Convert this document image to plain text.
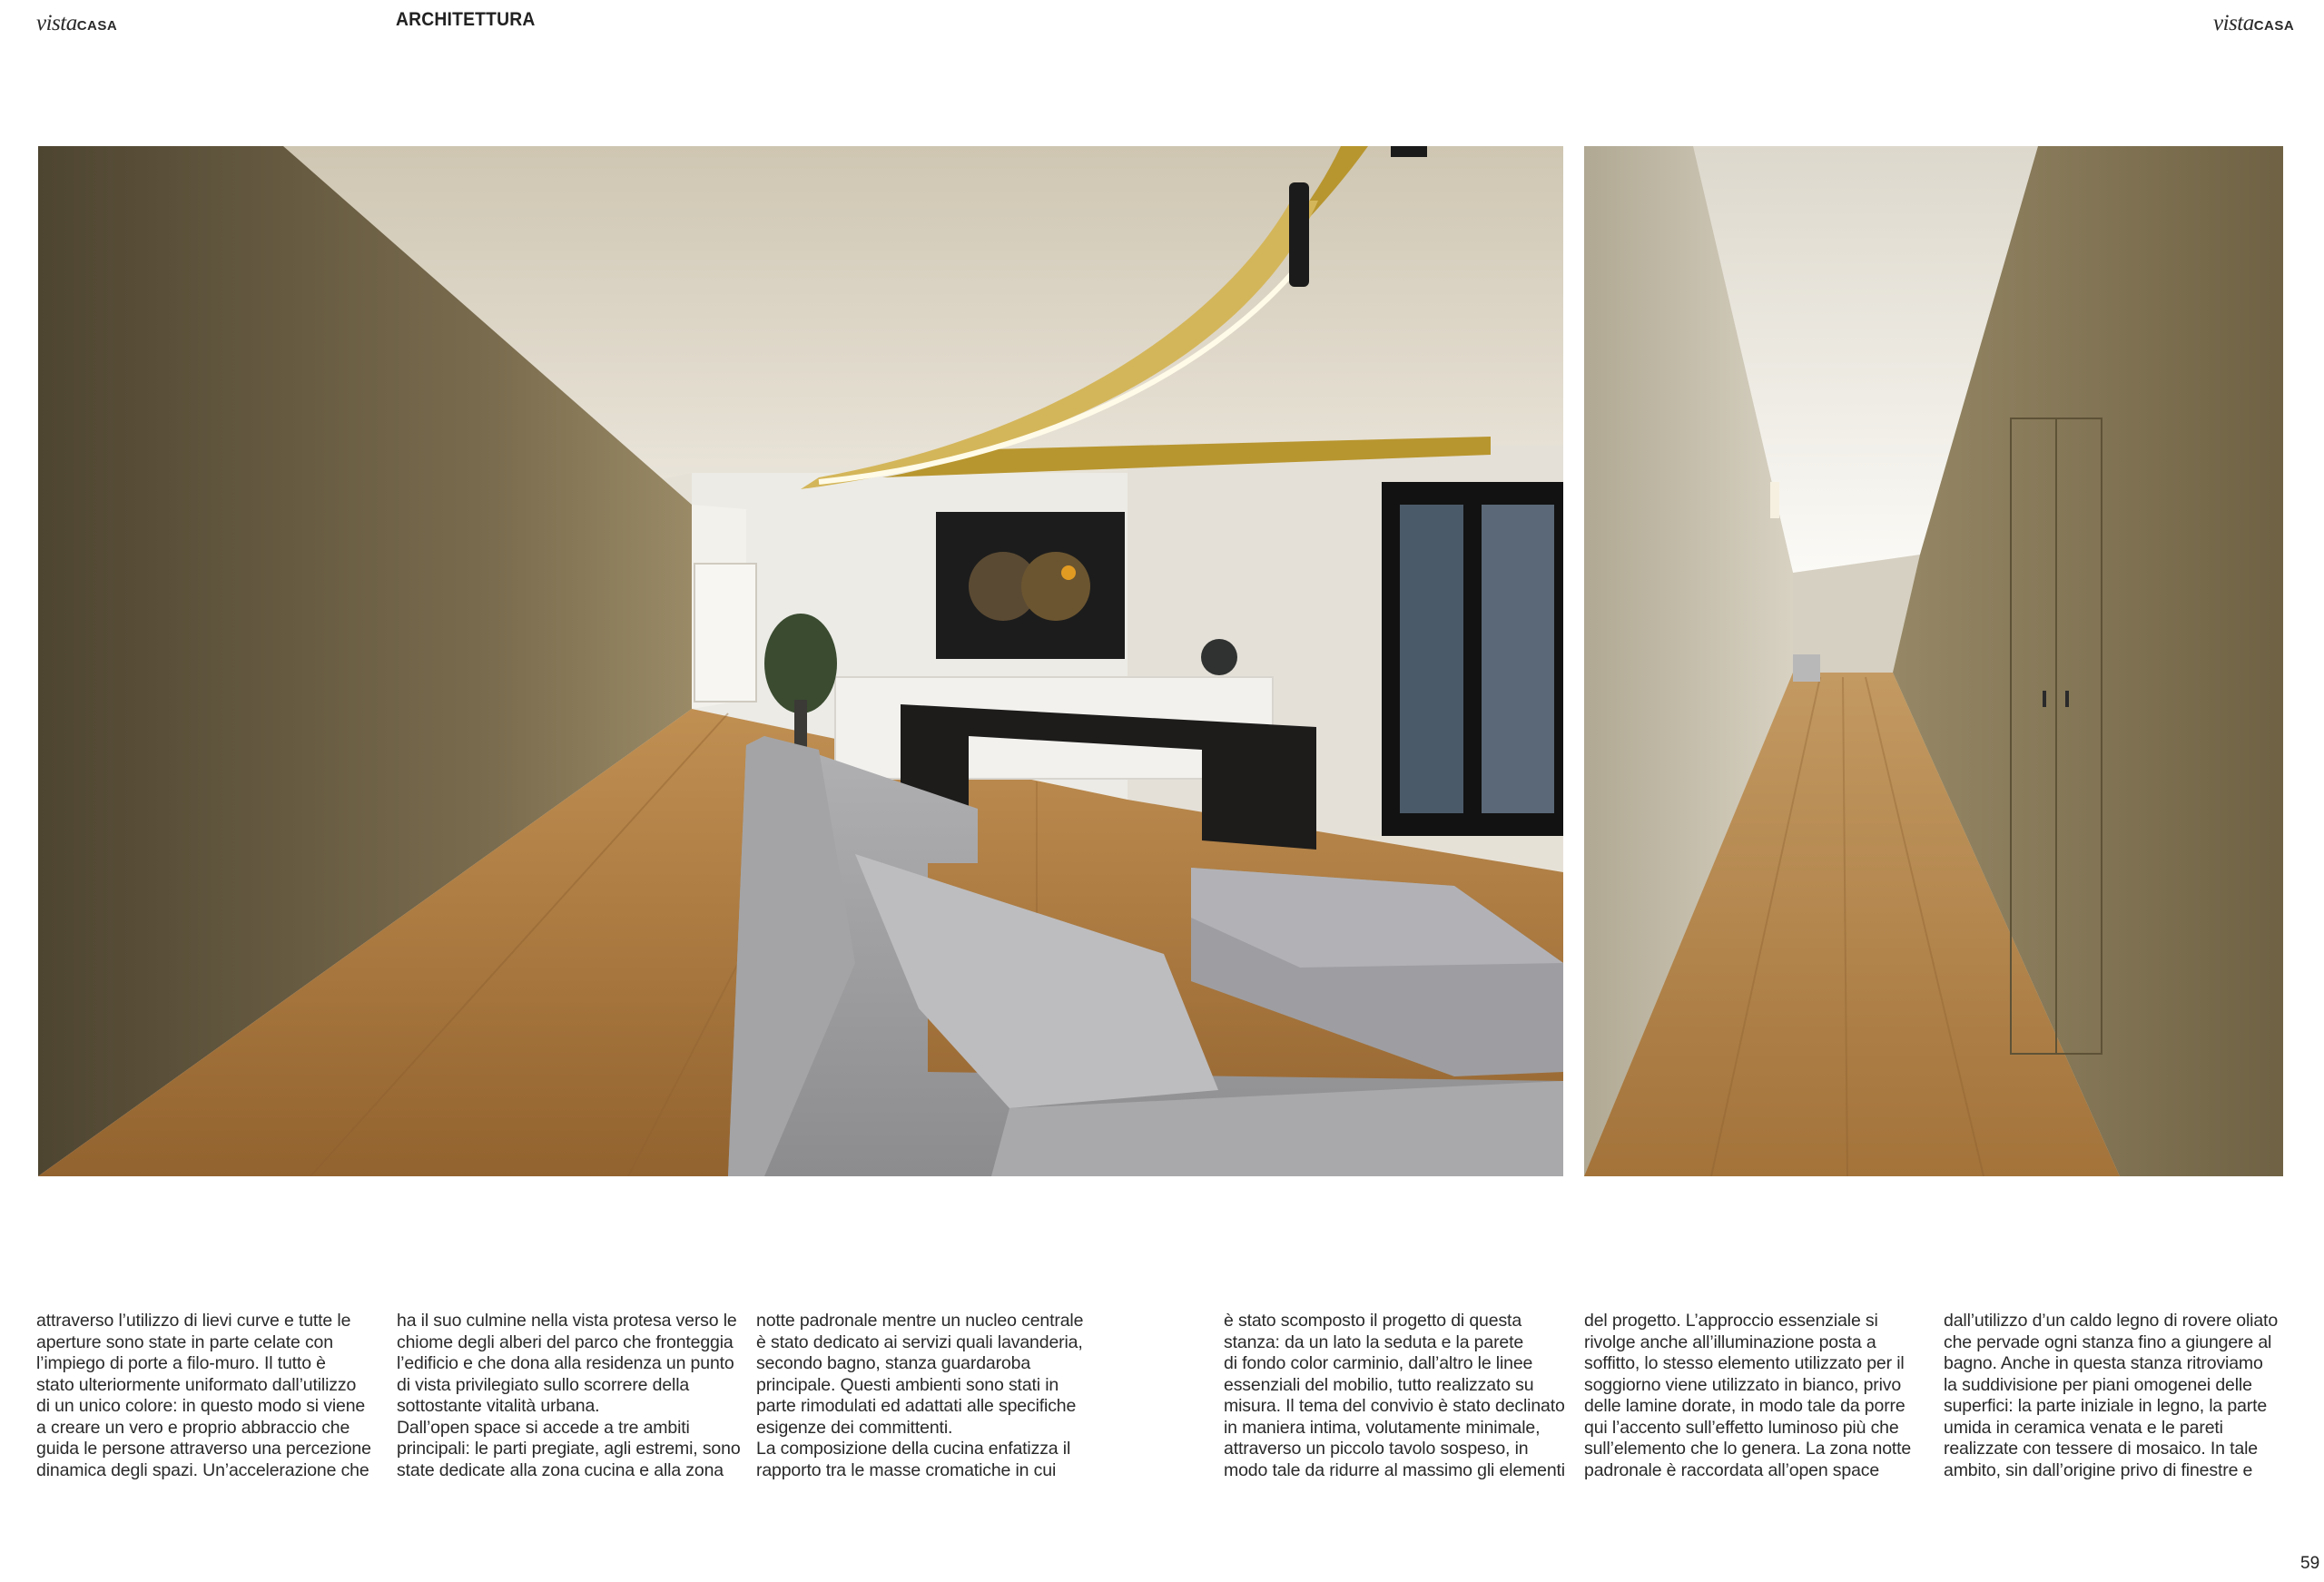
vistaCASA	ARCHITETTURA	vistaCASA

attraverso l’utilizzo di lievi curve e tutte le
aperture sono state in parte celate con
l’impiego di porte a filo-muro. Il tutto è
stato ulteriormente uniformato dall’utilizzo
di un unico colore: in questo modo si viene
a creare un vero e proprio abbraccio che
guida le persone attraverso una percezione
dinamica degli spazi. Un’accelerazione che

ha il suo culmine nella vista protesa verso le
chiome degli alberi del parco che fronteggia
l’edificio e che dona alla residenza un punto
di vista privilegiato sullo scorrere della
sottostante vitalità urbana.
Dall’open space si accede a tre ambiti
principali: le parti pregiate, agli estremi, sono
state dedicate alla zona cucina e alla zona

notte padronale mentre un nucleo centrale
è stato dedicato ai servizi quali lavanderia,
secondo bagno, stanza guardaroba
principale. Questi ambienti sono stati in
parte rimodulati ed adattati alle specifiche
esigenze dei committenti.
La composizione della cucina enfatizza il
rapporto tra le masse cromatiche in cui

è stato scomposto il progetto di questa
stanza: da un lato la seduta e la parete
di fondo color carminio, dall’altro le linee
essenziali del mobilio, tutto realizzato su
misura. Il tema del convivio è stato declinato
in maniera intima, volutamente minimale,
attraverso un piccolo tavolo sospeso, in
modo tale da ridurre al massimo gli elementi

del progetto. L’approccio essenziale si
rivolge anche all’illuminazione posta a
soffitto, lo stesso elemento utilizzato per il
soggiorno viene utilizzato in bianco, privo
delle lamine dorate, in modo tale da porre
qui l’accento sull’effetto luminoso più che
sull’elemento che lo genera. La zona notte
padronale è raccordata all’open space

dall’utilizzo d’un caldo legno di rovere oliato
che pervade ogni stanza fino a giungere al
bagno. Anche in questa stanza ritroviamo
la suddivisione per piani omogenei delle
superfici: la parte iniziale in legno, la parte
umida in ceramica venata e le pareti
realizzate con tessere di mosaico. In tale
ambito, sin dall’origine privo di finestre e

59
